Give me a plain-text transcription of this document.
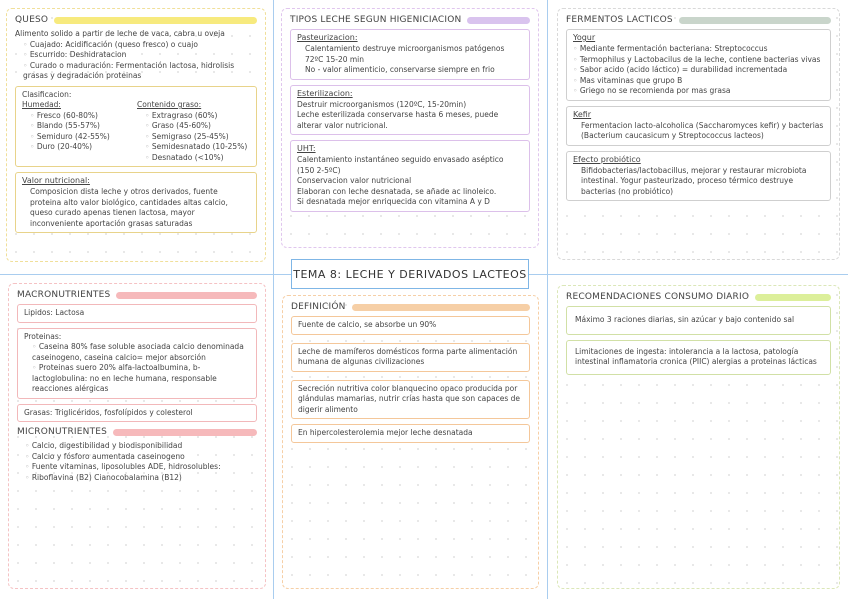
QUESO
Alimento solido a partir de leche de vaca, cabra u oveja
◦ Cuajado: Acidificación (queso fresco) o cuajo
◦ Escurrido: Deshidratacion
◦ Curado o maduración: Fermentación lactosa, hidrolisis grasas y degradación proteinas
Clasificacion:
Humedad:
◦ Fresco (60-80%)
◦ Blando (55-57%)
◦ Semiduro (42-55%)
◦ Duro (20-40%)
Contenido graso:
◦ Extragraso (60%)
◦ Graso (45-60%)
◦ Semigraso (25-45%)
◦ Semidesnatado (10-25%)
◦ Desnatado (<10%)
Valor nutricional:
Composicion dista leche y otros derivados, fuente proteina alto valor biológico, cantidades altas calcio, queso curado apenas tienen lactosa, mayor inconveniente aportación grasas saturadas
TIPOS LECHE SEGUN HIGENICIACION
Pasteurizacion:
Calentamiento destruye microorganismos patógenos 72ºC 15-20 min
No - valor alimenticio, conservarse siempre en frio
Esterilizacion:
Destruir microorganismos (120ºC, 15-20min)
Leche esterilizada conservarse hasta 6 meses, puede alterar valor nutricional.
UHT:
Calentamiento instantáneo seguido envasado aséptico (150 2-5ºC)
Conservacion valor nutricional
Elaboran con leche desnatada, se añade ac linoleico.
Si desnatada mejor enriquecida con vitamina A y D
FERMENTOS LACTICOS
Yogur
◦ Mediante fermentación bacteriana: Streptococcus
◦ Termophilus y Lactobacilus de la leche, contiene bacterias vivas
◦ Sabor acido (acido láctico) = durabilidad incrementada
◦ Mas vitaminas que grupo B
◦ Griego no se recomienda por mas grasa
Kefir
Fermentacion lacto-alcoholica (Saccharomyces kefir) y bacterias (Bacterium caucasicum y Streptococcus lacteos)
Efecto probiótico
Bifidobacterias/lactobacillus, mejorar y restaurar microbiota intestinal. Yogur pasteurizado, proceso térmico destruye bacterias (no probiótico)
TEMA 8: LECHE Y DERIVADOS LACTEOS
MACRONUTRIENTES
Lipidos: Lactosa
Proteinas:
◦ Caseina 80% fase soluble asociada calcio denominada caseinogeno, caseina calcio= mejor absorción
◦ Proteinas suero 20% alfa-lactoalbumina, b-lactoglobulina: no en leche humana, responsable reacciones alérgicas
Grasas: Triglicéridos, fosfolípidos y colesterol
MICRONUTRIENTES
◦ Calcio, digestibilidad y biodisponibilidad
◦ Calcio y fósforo aumentada caseinogeno
◦ Fuente vitaminas, liposolubles ADE, hidrosolubles:
◦ Riboflavina (B2) Cianocobalamina (B12)
DEFINICIÓN
Fuente de calcio, se absorbe un 90%
Leche de mamíferos domésticos forma parte alimentación humana de algunas civilizaciones
Secreción nutritiva color blanquecino opaco producida por glándulas mamarias, nutrir crías hasta que son capaces de digerir alimento
En hipercolesterolemia mejor leche desnatada
RECOMENDACIONES CONSUMO DIARIO
Máximo 3 raciones diarias, sin azúcar y bajo contenido sal
Limitaciones de ingesta: intolerancia a la lactosa, patología intestinal inflamatoria cronica (PIIC) alergias a proteinas lácticas
